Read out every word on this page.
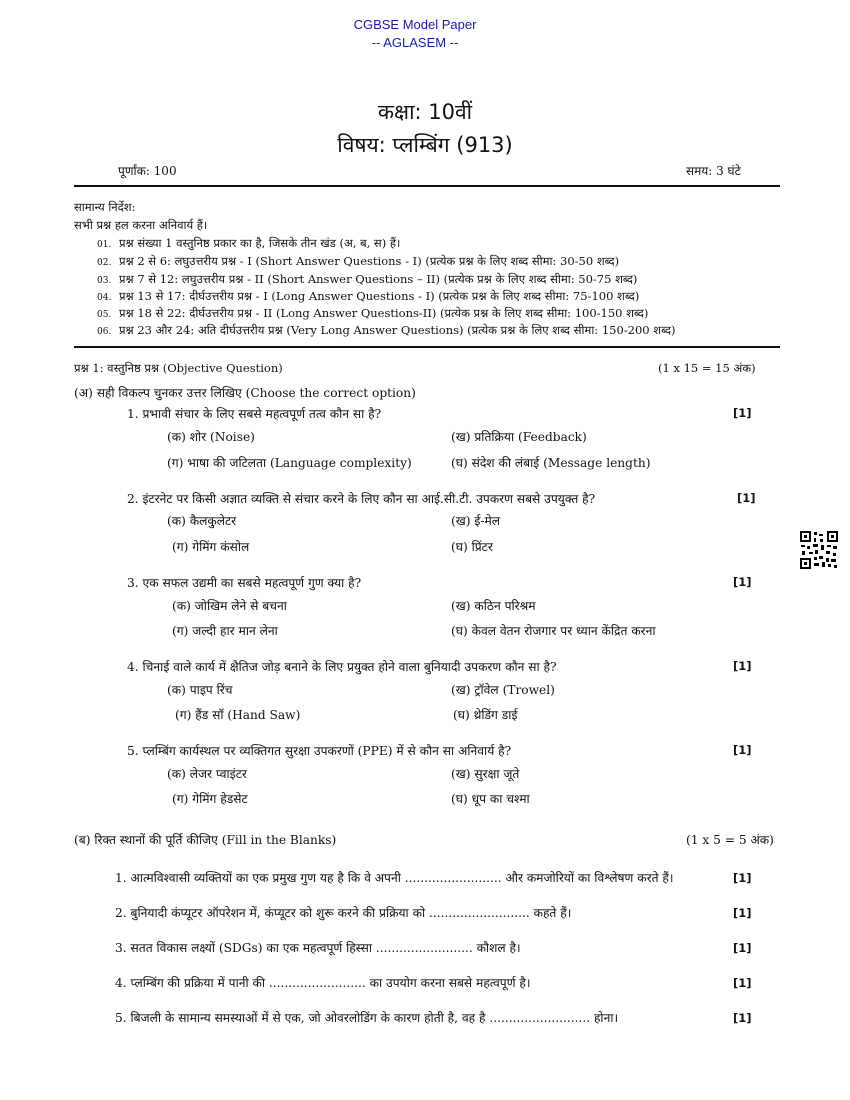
CGBSE Model Paper
-- AGLASEM --
कक्षा: 10वीं
विषय: प्लम्बिंग (913)
पूर्णांक: 100	समय: 3 घंटे
सामान्य निर्देश:
सभी प्रश्न हल करना अनिवार्य हैं।
01. प्रश्न संख्या 1 वस्तुनिष्ठ प्रकार का है, जिसके तीन खंड (अ, ब, स) हैं।
02. प्रश्न 2 से 6: लघुउत्तरीय प्रश्न - I (Short Answer Questions - I) (प्रत्येक प्रश्न के लिए शब्द सीमा: 30-50 शब्द)
03. प्रश्न 7 से 12: लघुउत्तरीय प्रश्न - II (Short Answer Questions – II) (प्रत्येक प्रश्न के लिए शब्द सीमा: 50-75 शब्द)
04. प्रश्न 13 से 17: दीर्घउत्तरीय प्रश्न - I (Long Answer Questions - I) (प्रत्येक प्रश्न के लिए शब्द सीमा: 75-100 शब्द)
05. प्रश्न 18 से 22: दीर्घउत्तरीय प्रश्न - II (Long Answer Questions-II) (प्रत्येक प्रश्न के लिए शब्द सीमा: 100-150 शब्द)
06. प्रश्न 23 और 24: अति दीर्घउत्तरीय प्रश्न (Very Long Answer Questions) (प्रत्येक प्रश्न के लिए शब्द सीमा: 150-200 शब्द)
प्रश्न 1: वस्तुनिष्ठ प्रश्न (Objective Question)	(1 x 15 = 15 अंक)
(अ) सही विकल्प चुनकर उत्तर लिखिए (Choose the correct option)
1. प्रभावी संचार के लिए सबसे महत्वपूर्ण तत्व कौन सा है?	[1]
(क) शोर (Noise)	(ख) प्रतिक्रिया (Feedback)
(ग) भाषा की जटिलता (Language complexity)	(घ) संदेश की लंबाई (Message length)
2. इंटरनेट पर किसी अज्ञात व्यक्ति से संचार करने के लिए कौन सा आई.सी.टी. उपकरण सबसे उपयुक्त है?	[1]
(क) कैलकुलेटर	(ख) ई-मेल
(ग) गेमिंग कंसोल	(घ) प्रिंटर
3. एक सफल उद्यमी का सबसे महत्वपूर्ण गुण क्या है?	[1]
(क) जोखिम लेने से बचना	(ख) कठिन परिश्रम
(ग) जल्दी हार मान लेना	(घ) केवल वेतन रोजगार पर ध्यान केंद्रित करना
4. चिनाई वाले कार्य में क्षैतिज जोड़ बनाने के लिए प्रयुक्त होने वाला बुनियादी उपकरण कौन सा है?	[1]
(क) पाइप रिंच	(ख) ट्रॉवेल (Trowel)
(ग) हैंड सॉ (Hand Saw)	(घ) थ्रेडिंग डाई
5. प्लम्बिंग कार्यस्थल पर व्यक्तिगत सुरक्षा उपकरणों (PPE) में से कौन सा अनिवार्य है?	[1]
(क) लेजर प्वाइंटर	(ख) सुरक्षा जूते
(ग) गेमिंग हेडसेट	(घ) धूप का चश्मा
(ब) रिक्त स्थानों की पूर्ति कीजिए (Fill in the Blanks)	(1 x 5 = 5 अंक)
1. आत्मविश्वासी व्यक्तियों का एक प्रमुख गुण यह है कि वे अपनी ......................... और कमजोरियों का विश्लेषण करते हैं।	[1]
2. बुनियादी कंप्यूटर ऑपरेशन में, कंप्यूटर को शुरू करने की प्रक्रिया को .......................... कहते हैं।	[1]
3. सतत विकास लक्ष्यों (SDGs) का एक महत्वपूर्ण हिस्सा ......................... कौशल है।	[1]
4. प्लम्बिंग की प्रक्रिया में पानी की ......................... का उपयोग करना सबसे महत्वपूर्ण है।	[1]
5. बिजली के सामान्य समस्याओं में से एक, जो ओवरलोडिंग के कारण होती है, वह है .......................... होना।	[1]
